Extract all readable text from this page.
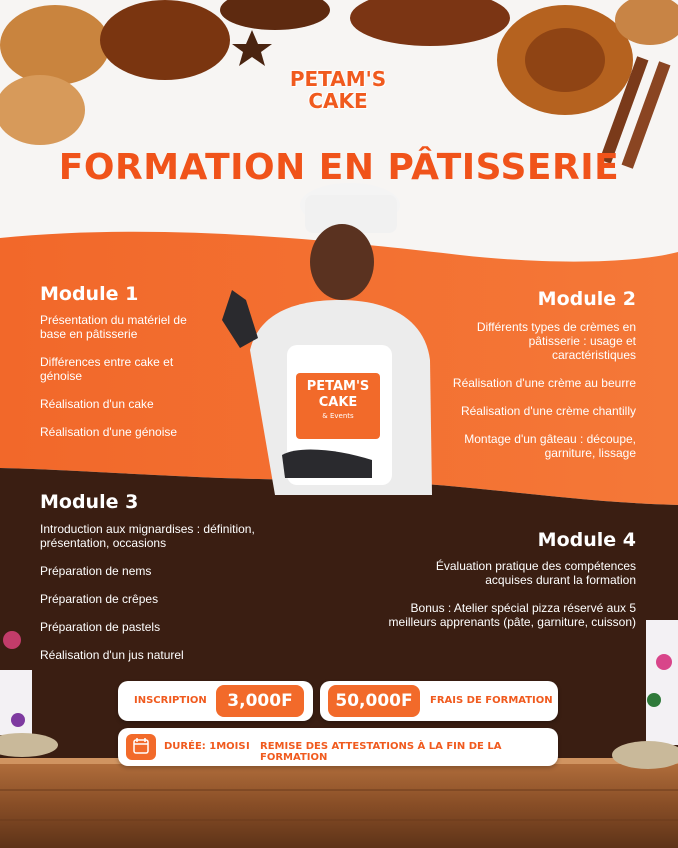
PETAM'S
CAKE
FORMATION EN PÂTISSERIE
PETAM'S
CAKE
& Events
Module 1
Présentation du matériel de base en pâtisserie
Différences entre cake et génoise
Réalisation d'un cake
Réalisation d'une génoise
Module 2
Différents types de crèmes en pâtisserie : usage et caractéristiques
Réalisation d'une crème au beurre
Réalisation d'une crème chantilly
Montage d'un gâteau : découpe, garniture, lissage
Module 3
Introduction aux mignardises : définition, présentation, occasions
Préparation de nems
Préparation de crêpes
Préparation de pastels
Réalisation d'un jus naturel
Module 4
Évaluation pratique des compétences acquises durant la formation
Bonus : Atelier spécial pizza réservé aux 5 meilleurs apprenants (pâte, garniture, cuisson)
INSCRIPTION	3,000F	50,000F	FRAIS DE FORMATION
DURÉE: 1MOIS I REMISE DES ATTESTATIONS À LA FIN DE LA FORMATION
